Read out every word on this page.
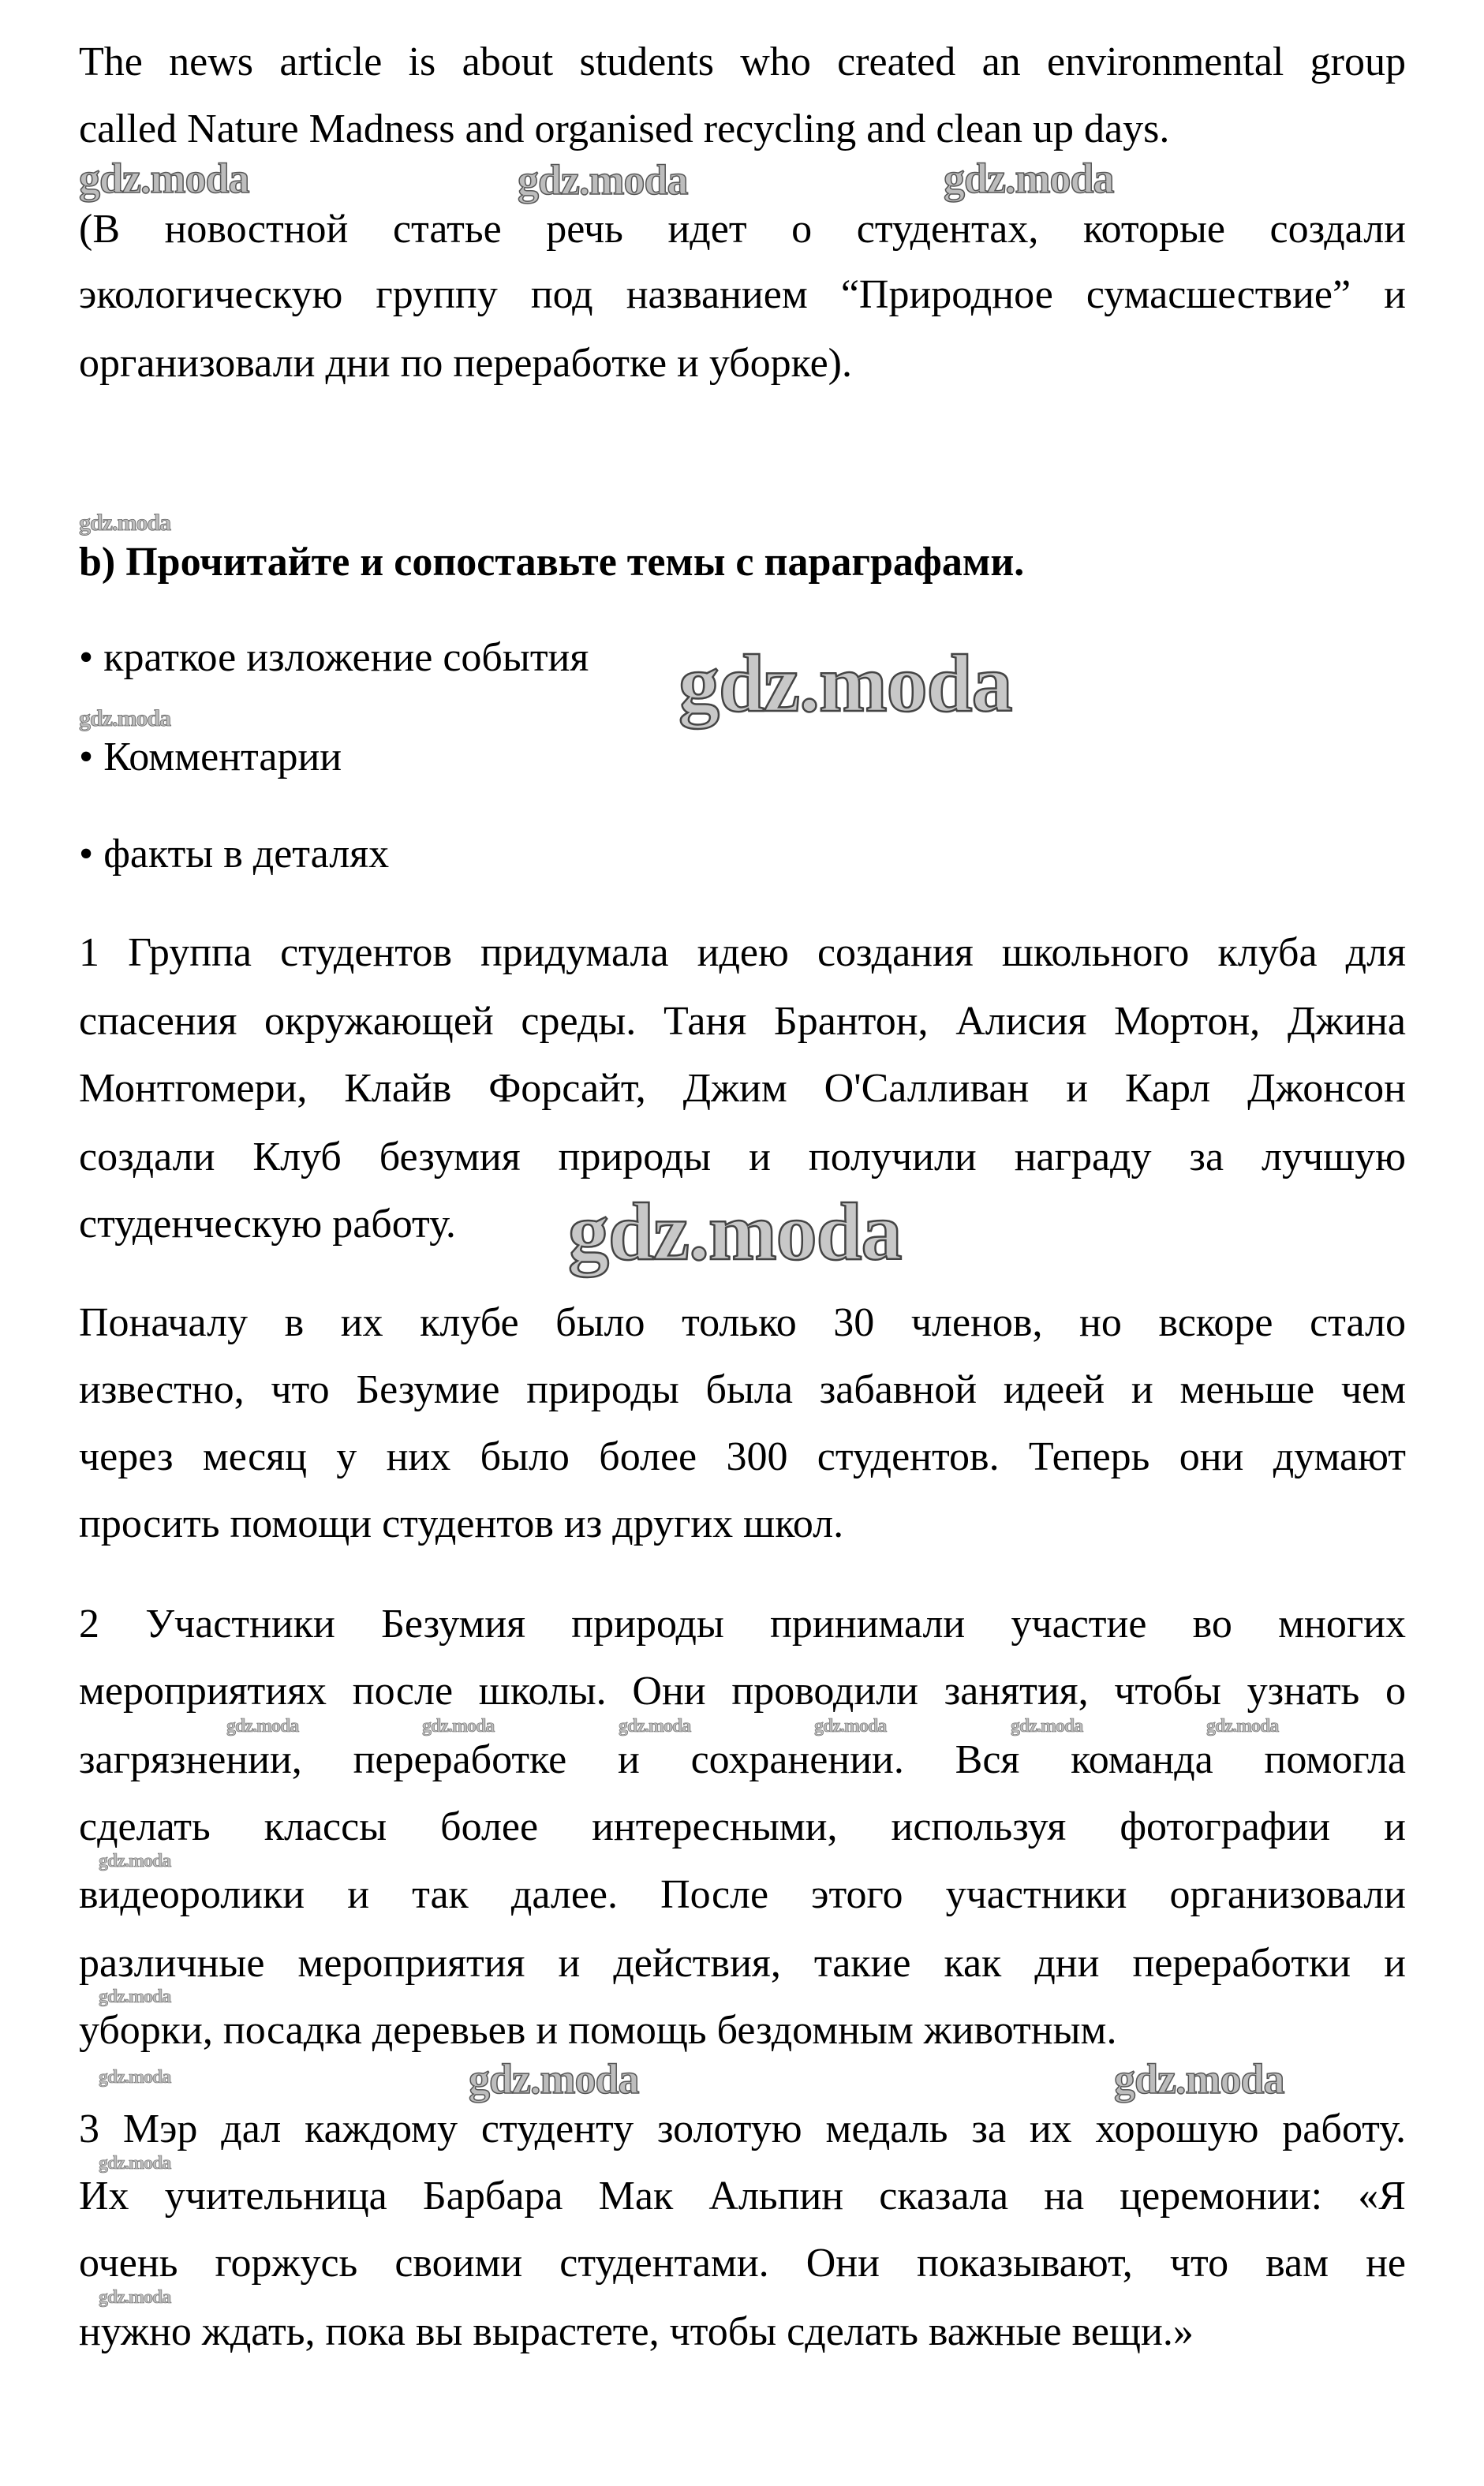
The news article is about students who created an environmental group
called Nature Madness and organised recycling and clean up days.
(В новостной статье речь идет о студентах, которые создали
экологическую группу под названием “Природное сумасшествие” и
организовали дни по переработке и уборке).
b) Прочитайте и сопоставьте темы с параграфами.
• краткое изложение события
• Комментарии
• факты в деталях
1 Группа студентов придумала идею создания школьного клуба для
спасения окружающей среды. Таня Брантон, Алисия Мортон, Джина
Монтгомери, Клайв Форсайт, Джим О'Салливан и Карл Джонсон
создали Клуб безумия природы и получили награду за лучшую
студенческую работу.
Поначалу в их клубе было только 30 членов, но вскоре стало
известно, что Безумие природы была забавной идеей и меньше чем
через месяц у них было более 300 студентов. Теперь они думают
просить помощи студентов из других школ.
2 Участники Безумия природы принимали участие во многих
мероприятиях после школы. Они проводили занятия, чтобы узнать о
загрязнении, переработке и сохранении. Вся команда помогла
сделать классы более интересными, используя фотографии и
видеоролики и так далее. После этого участники организовали
различные мероприятия и действия, такие как дни переработки и
уборки, посадка деревьев и помощь бездомным животным.
3 Мэр дал каждому студенту золотую медаль за их хорошую работу.
Их учительница Барбара Мак Альпин сказала на церемонии: «Я
очень горжусь своими студентами. Они показывают, что вам не
нужно ждать, пока вы вырастете, чтобы сделать важные вещи.»
gdz.moda	gdz.moda	gdz.moda
gdz.moda
gdz.moda
gdz.moda
gdz.moda
gdz.moda	gdz.moda	gdz.moda	gdz.moda	gdz.moda	gdz.moda
gdz.moda
gdz.moda
gdz.moda	gdz.moda	gdz.moda
gdz.moda
gdz.moda
